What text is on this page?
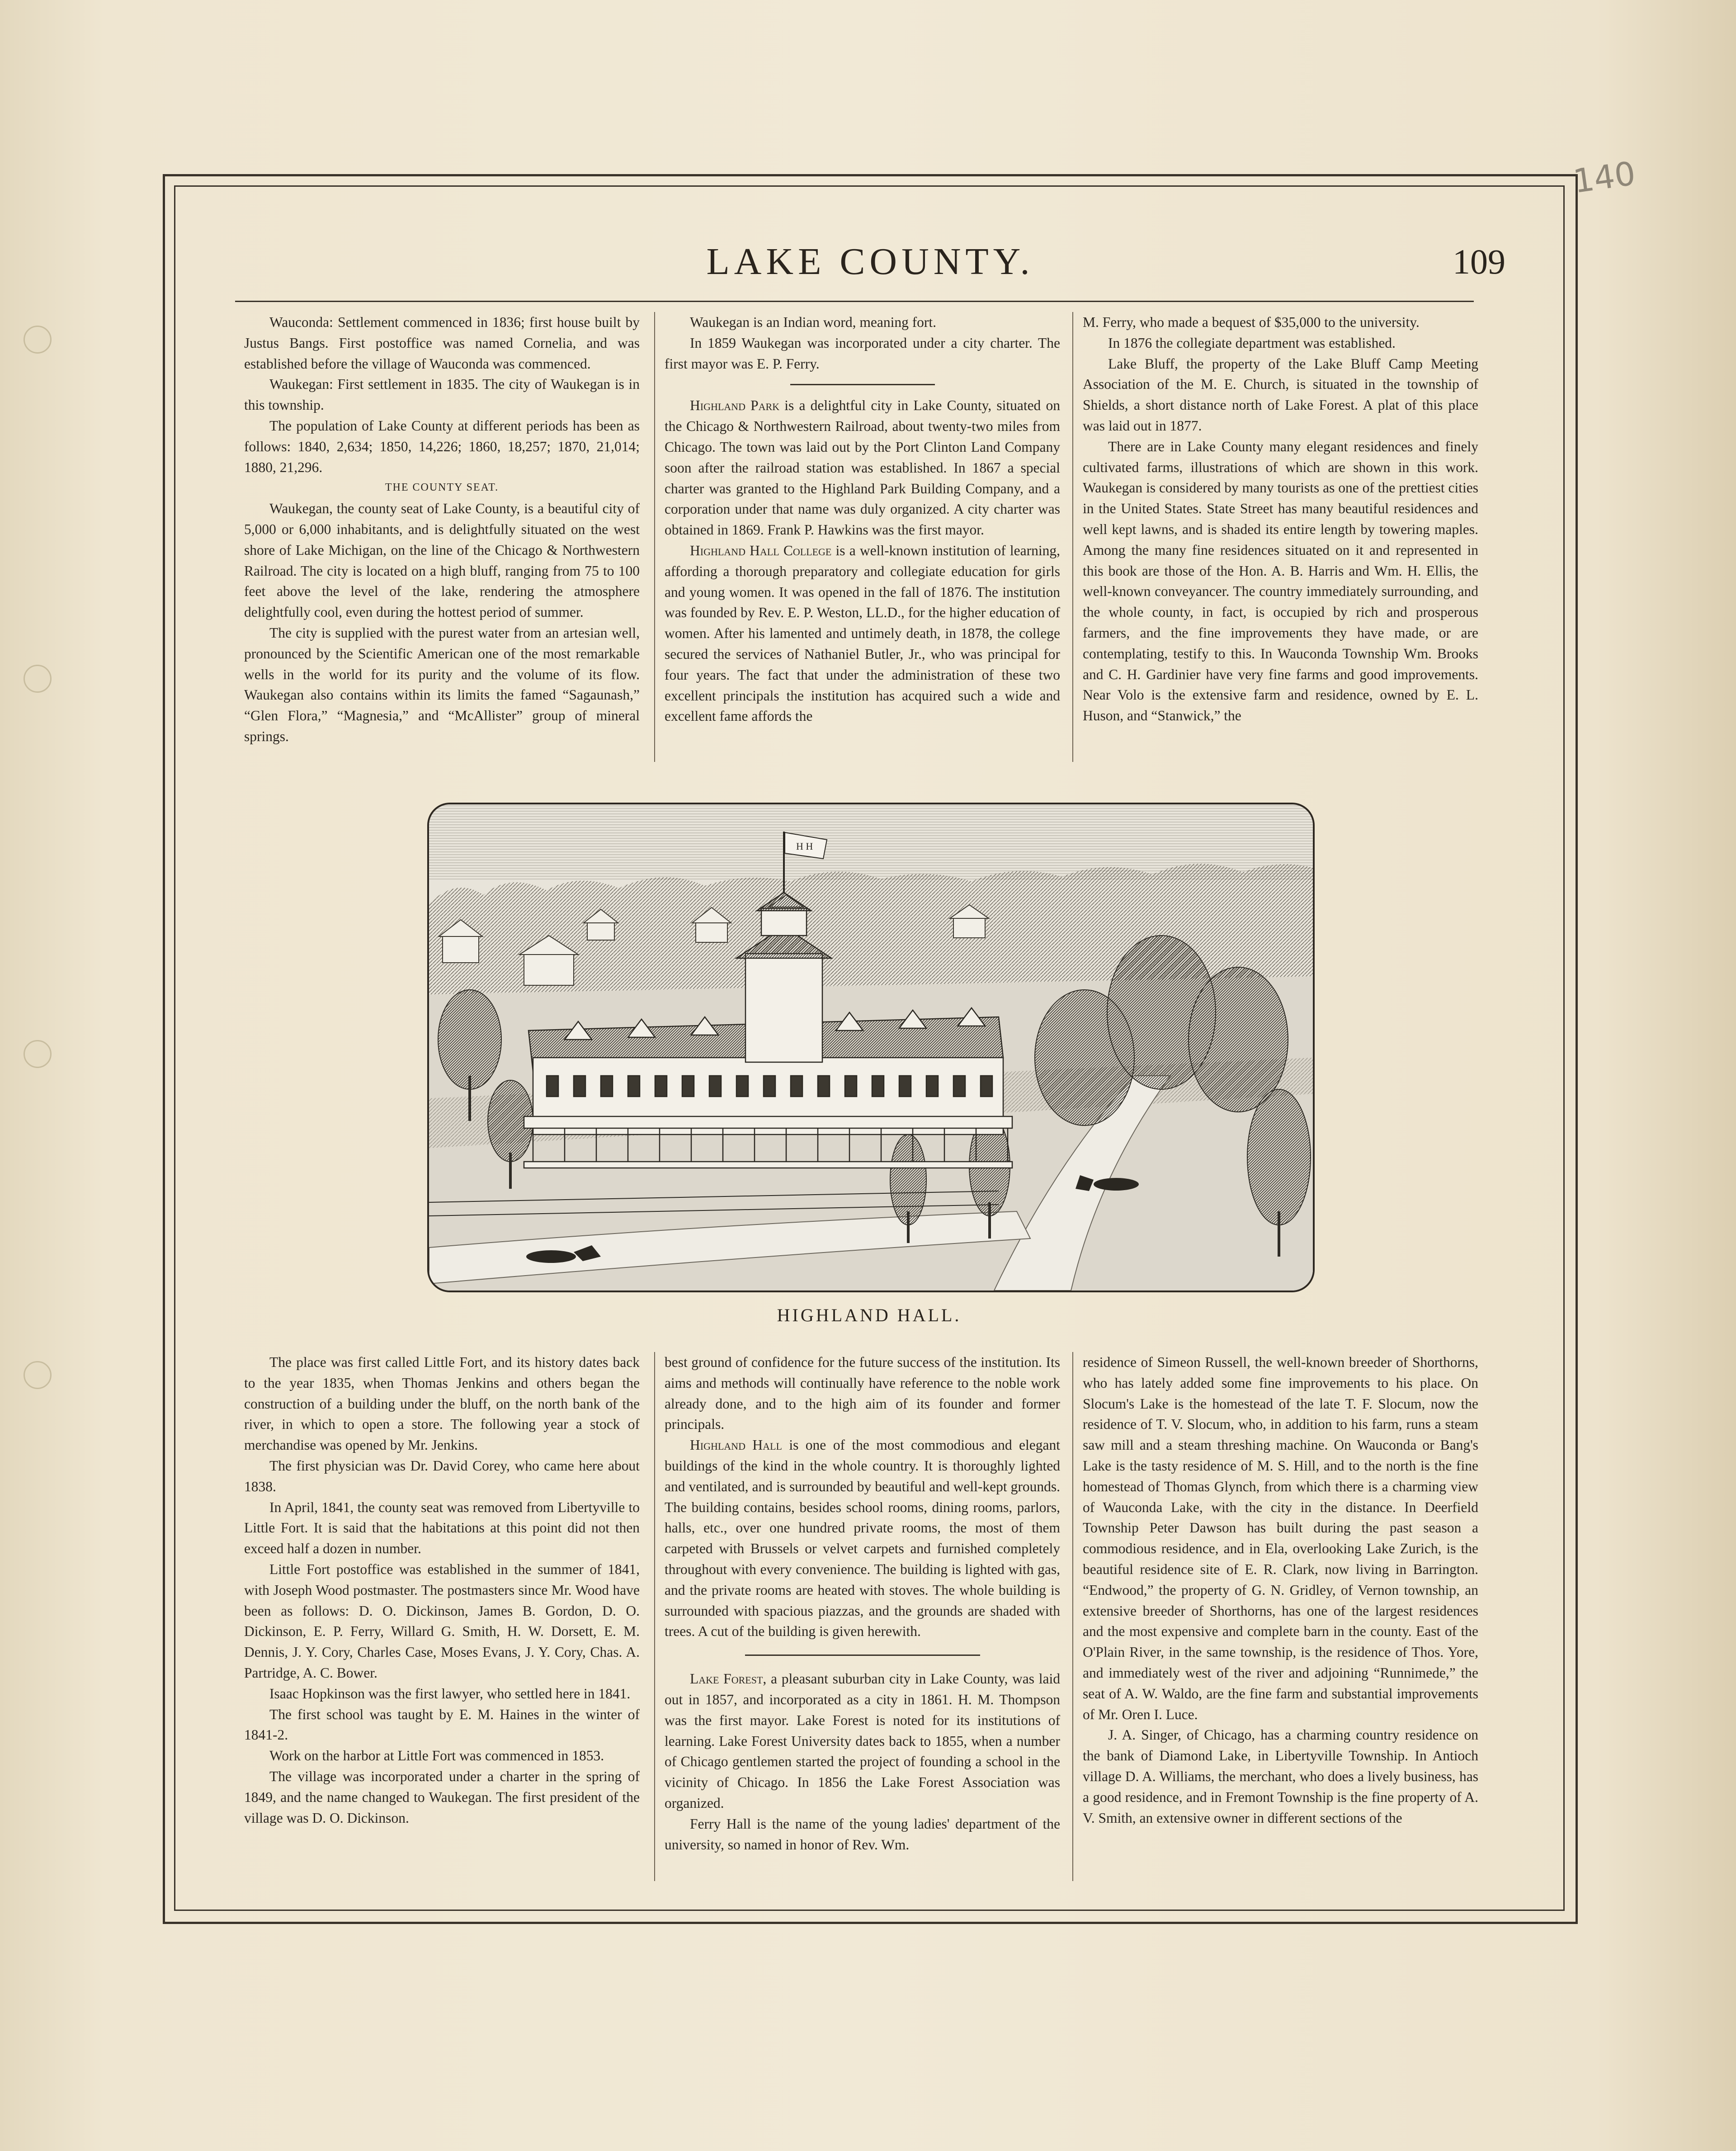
140
LAKE COUNTY.	109

Wauconda: Settlement commenced in 1836; first house built by Justus Bangs. First postoffice was named Cornelia, and was established before the village of Wauconda was commenced.

Waukegan: First settlement in 1835. The city of Waukegan is in this township.

The population of Lake County at different periods has been as follows: 1840, 2,634; 1850, 14,226; 1860, 18,257; 1870, 21,014; 1880, 21,296.

THE COUNTY SEAT.

Waukegan, the county seat of Lake County, is a beautiful city of 5,000 or 6,000 inhabitants, and is delightfully situated on the west shore of Lake Michigan, on the line of the Chicago & Northwestern Railroad. The city is located on a high bluff, ranging from 75 to 100 feet above the level of the lake, rendering the atmosphere delightfully cool, even during the hottest period of summer.

The city is supplied with the purest water from an artesian well, pronounced by the Scientific American one of the most remarkable wells in the world for its purity and the volume of its flow. Waukegan also contains within its limits the famed “Sagaunash,” “Glen Flora,” “Magnesia,” and “McAllister” group of mineral springs.

Waukegan is an Indian word, meaning fort.

In 1859 Waukegan was incorporated under a city charter. The first mayor was E. P. Ferry.

Highland Park is a delightful city in Lake County, situated on the Chicago & Northwestern Railroad, about twenty-two miles from Chicago. The town was laid out by the Port Clinton Land Company soon after the railroad station was established. In 1867 a special charter was granted to the Highland Park Building Company, and a corporation under that name was duly organized. A city charter was obtained in 1869. Frank P. Hawkins was the first mayor.

Highland Hall College is a well-known institution of learning, affording a thorough preparatory and collegiate education for girls and young women. It was opened in the fall of 1876. The institution was founded by Rev. E. P. Weston, LL.D., for the higher education of women. After his lamented and untimely death, in 1878, the college secured the services of Nathaniel Butler, Jr., who was principal for four years. The fact that under the administration of these two excellent principals the institution has acquired such a wide and excellent fame affords the

M. Ferry, who made a bequest of $35,000 to the university.

In 1876 the collegiate department was established.

Lake Bluff, the property of the Lake Bluff Camp Meeting Association of the M. E. Church, is situated in the township of Shields, a short distance north of Lake Forest. A plat of this place was laid out in 1877.

There are in Lake County many elegant residences and finely cultivated farms, illustrations of which are shown in this work. Waukegan is considered by many tourists as one of the prettiest cities in the United States. State Street has many beautiful residences and well kept lawns, and is shaded its entire length by towering maples. Among the many fine residences situated on it and represented in this book are those of the Hon. A. B. Harris and Wm. H. Ellis, the well-known conveyancer. The country immediately surrounding, and the whole county, in fact, is occupied by rich and prosperous farmers, and the fine improvements they have made, or are contemplating, testify to this. In Wauconda Township Wm. Brooks and C. H. Gardinier have very fine farms and good improvements. Near Volo is the extensive farm and residence, owned by E. L. Huson, and “Stanwick,” the

H H
HIGHLAND HALL.

The place was first called Little Fort, and its history dates back to the year 1835, when Thomas Jenkins and others began the construction of a building under the bluff, on the north bank of the river, in which to open a store. The following year a stock of merchandise was opened by Mr. Jenkins.

The first physician was Dr. David Corey, who came here about 1838.

In April, 1841, the county seat was removed from Libertyville to Little Fort. It is said that the habitations at this point did not then exceed half a dozen in number.

Little Fort postoffice was established in the summer of 1841, with Joseph Wood postmaster. The postmasters since Mr. Wood have been as follows: D. O. Dickinson, James B. Gordon, D. O. Dickinson, E. P. Ferry, Willard G. Smith, H. W. Dorsett, E. M. Dennis, J. Y. Cory, Charles Case, Moses Evans, J. Y. Cory, Chas. A. Partridge, A. C. Bower.

Isaac Hopkinson was the first lawyer, who settled here in 1841.

The first school was taught by E. M. Haines in the winter of 1841-2.

Work on the harbor at Little Fort was commenced in 1853.

The village was incorporated under a charter in the spring of 1849, and the name changed to Waukegan. The first president of the village was D. O. Dickinson.

best ground of confidence for the future success of the institution. Its aims and methods will continually have reference to the noble work already done, and to the high aim of its founder and former principals.

Highland Hall is one of the most commodious and elegant buildings of the kind in the whole country. It is thoroughly lighted and ventilated, and is surrounded by beautiful and well-kept grounds. The building contains, besides school rooms, dining rooms, parlors, halls, etc., over one hundred private rooms, the most of them carpeted with Brussels or velvet carpets and furnished completely throughout with every convenience. The building is lighted with gas, and the private rooms are heated with stoves. The whole building is surrounded with spacious piazzas, and the grounds are shaded with trees. A cut of the building is given herewith.

Lake Forest, a pleasant suburban city in Lake County, was laid out in 1857, and incorporated as a city in 1861. H. M. Thompson was the first mayor. Lake Forest is noted for its institutions of learning. Lake Forest University dates back to 1855, when a number of Chicago gentlemen started the project of founding a school in the vicinity of Chicago. In 1856 the Lake Forest Association was organized.

Ferry Hall is the name of the young ladies' department of the university, so named in honor of Rev. Wm.

residence of Simeon Russell, the well-known breeder of Shorthorns, who has lately added some fine improvements to his place. On Slocum's Lake is the homestead of the late T. F. Slocum, now the residence of T. V. Slocum, who, in addition to his farm, runs a steam saw mill and a steam threshing machine. On Wauconda or Bang's Lake is the tasty residence of M. S. Hill, and to the north is the fine homestead of Thomas Glynch, from which there is a charming view of Wauconda Lake, with the city in the distance. In Deerfield Township Peter Dawson has built during the past season a commodious residence, and in Ela, overlooking Lake Zurich, is the beautiful residence site of E. R. Clark, now living in Barrington. “Endwood,” the property of G. N. Gridley, of Vernon township, an extensive breeder of Shorthorns, has one of the largest residences and the most expensive and complete barn in the county. East of the O'Plain River, in the same township, is the residence of Thos. Yore, and immediately west of the river and adjoining “Runnimede,” the seat of A. W. Waldo, are the fine farm and substantial improvements of Mr. Oren I. Luce.

J. A. Singer, of Chicago, has a charming country residence on the bank of Diamond Lake, in Libertyville Township. In Antioch village D. A. Williams, the merchant, who does a lively business, has a good residence, and in Fremont Township is the fine property of A. V. Smith, an extensive owner in different sections of the
